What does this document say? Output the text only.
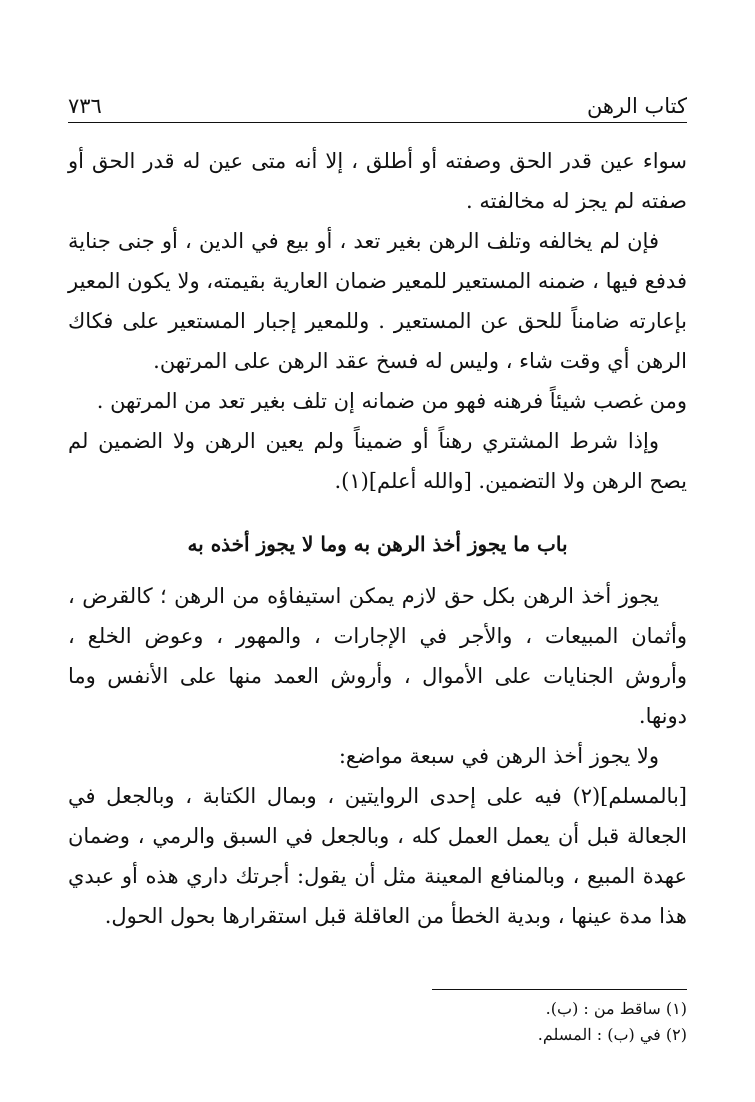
كتاب الرهن
٧٣٦

سواء عين قدر الحق وصفته أو أطلق ، إلا أنه متى عين له قدر الحق أو صفته لم يجز له مخالفته .

فإن لم يخالفه وتلف الرهن بغير تعد ، أو بيع في الدين ، أو جنى جناية فدفع فيها ، ضمنه المستعير للمعير ضمان العارية بقيمته، ولا يكون المعير بإعارته ضامناً للحق عن المستعير . وللمعير إجبار المستعير على فكاك الرهن أي وقت شاء ، وليس له فسخ عقد الرهن على المرتهن.

ومن غصب شيئاً فرهنه فهو من ضمانه إن تلف بغير تعد من المرتهن .

وإذا شرط المشتري رهناً أو ضميناً ولم يعين الرهن ولا الضمين لم يصح الرهن ولا التضمين. [والله أعلم](١).

باب ما يجوز أخذ الرهن به وما لا يجوز أخذه به

يجوز أخذ الرهن بكل حق لازم يمكن استيفاؤه من الرهن ؛ كالقرض ، وأثمان المبيعات ، والأجر في الإجارات ، والمهور ، وعوض الخلع ، وأروش الجنايات على الأموال ، وأروش العمد منها على الأنفس وما دونها.

ولا يجوز أخذ الرهن في سبعة مواضع:

[بالمسلم](٢) فيه على إحدى الروايتين ، وبمال الكتابة ، وبالجعل في الجعالة قبل أن يعمل العمل كله ، وبالجعل في السبق والرمي ، وضمان عهدة المبيع ، وبالمنافع المعينة مثل أن يقول: أجرتك داري هذه أو عبدي هذا مدة عينها ، وبدية الخطأ من العاقلة قبل استقرارها بحول الحول.

(١) ساقط من : (ب).

(٢) في (ب) : المسلم.
